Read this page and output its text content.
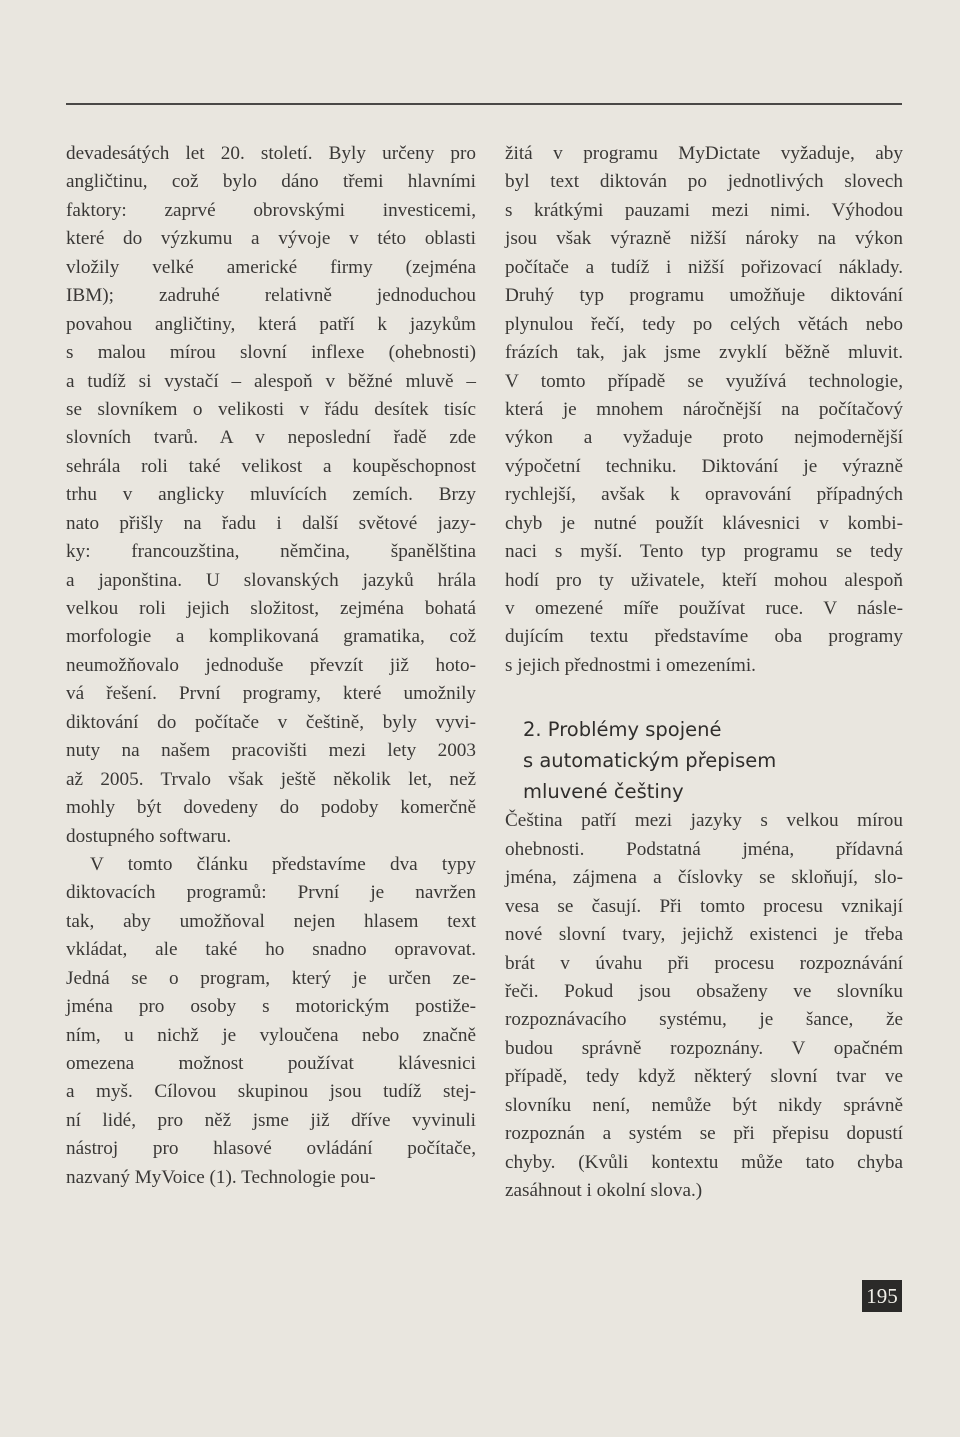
devadesátých let 20. století. Byly určeny pro
angličtinu, což bylo dáno třemi hlavními
faktory: zaprvé obrovskými investicemi,
které do výzkumu a vývoje v této oblasti
vložily velké americké firmy (zejména
IBM); zadruhé relativně jednoduchou
povahou angličtiny, která patří k jazykům
s malou mírou slovní inflexe (ohebnosti)
a tudíž si vystačí – alespoň v běžné mluvě –
se slovníkem o velikosti v řádu desítek tisíc
slovních tvarů. A v neposlední řadě zde
sehrála roli také velikost a koupěschopnost
trhu v anglicky mluvících zemích. Brzy
nato přišly na řadu i další světové jazy-
ky: francouzština, němčina, španělština
a japonština. U slovanských jazyků hrála
velkou roli jejich složitost, zejména bohatá
morfologie a komplikovaná gramatika, což
neumožňovalo jednoduše převzít již hoto-
vá řešení. První programy, které umožnily
diktování do počítače v češtině, byly vyvi-
nuty na našem pracovišti mezi lety 2003
až 2005. Trvalo však ještě několik let, než
mohly být dovedeny do podoby komerčně
dostupného softwaru.
V tomto článku představíme dva typy
diktovacích programů: První je navržen
tak, aby umožňoval nejen hlasem text
vkládat, ale také ho snadno opravovat.
Jedná se o program, který je určen ze-
jména pro osoby s motorickým postiže-
ním, u nichž je vyloučena nebo značně
omezena možnost používat klávesnici
a myš. Cílovou skupinou jsou tudíž stej-
ní lidé, pro něž jsme již dříve vyvinuli
nástroj pro hlasové ovládání počítače,
nazvaný MyVoice (1). Technologie pou-
žitá v programu MyDictate vyžaduje, aby
byl text diktován po jednotlivých slovech
s krátkými pauzami mezi nimi. Výhodou
jsou však výrazně nižší nároky na výkon
počítače a tudíž i nižší pořizovací náklady.
Druhý typ programu umožňuje diktování
plynulou řečí, tedy po celých větách nebo
frázích tak, jak jsme zvyklí běžně mluvit.
V tomto případě se využívá technologie,
která je mnohem náročnější na počítačový
výkon a vyžaduje proto nejmodernější
výpočetní techniku. Diktování je výrazně
rychlejší, avšak k opravování případných
chyb je nutné použít klávesnici v kombi-
naci s myší. Tento typ programu se tedy
hodí pro ty uživatele, kteří mohou alespoň
v omezené míře používat ruce. V násle-
dujícím textu představíme oba programy
s jejich přednostmi i omezeními.
2. Problémy spojené
s automatickým přepisem
mluvené češtiny
Čeština patří mezi jazyky s velkou mírou
ohebnosti. Podstatná jména, přídavná
jména, zájmena a číslovky se skloňují, slo-
vesa se časují. Při tomto procesu vznikají
nové slovní tvary, jejichž existenci je třeba
brát v úvahu při procesu rozpoznávání
řeči. Pokud jsou obsaženy ve slovníku
rozpoznávacího systému, je šance, že
budou správně rozpoznány. V opačném
případě, tedy když některý slovní tvar ve
slovníku není, nemůže být nikdy správně
rozpoznán a systém se při přepisu dopustí
chyby. (Kvůli kontextu může tato chyba
zasáhnout i okolní slova.)
195
